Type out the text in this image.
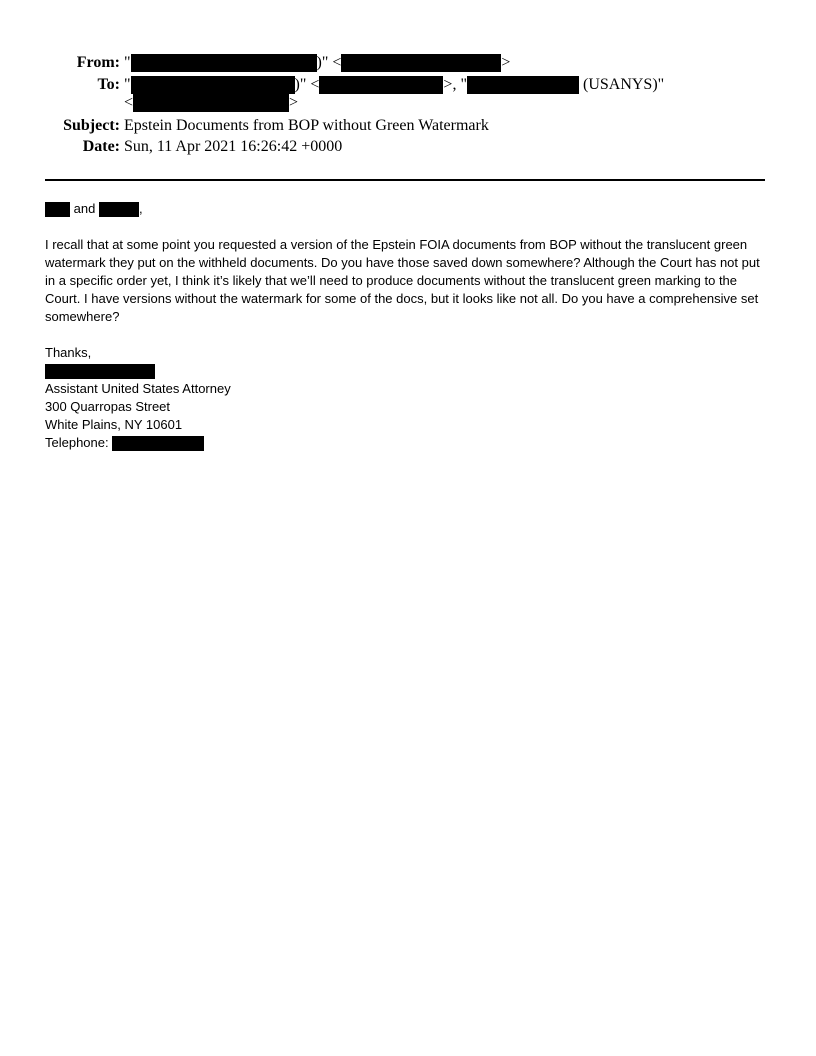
From: "	)" <	>
To: "	)" <	>, "	(USANYS)"
<	>
Subject: Epstein Documents from BOP without Green Watermark
Date: Sun, 11 Apr 2021 16:26:42 +0000
and	,
I recall that at some point you requested a version of the Epstein FOIA documents from BOP without the translucent green watermark they put on the withheld documents. Do you have those saved down somewhere? Although the Court has not put in a specific order yet, I think it’s likely that we’ll need to produce documents without the translucent green marking to the Court. I have versions without the watermark for some of the docs, but it looks like not all. Do you have a comprehensive set somewhere?
Thanks,
Assistant United States Attorney
300 Quarropas Street
White Plains, NY 10601
Telephone:
